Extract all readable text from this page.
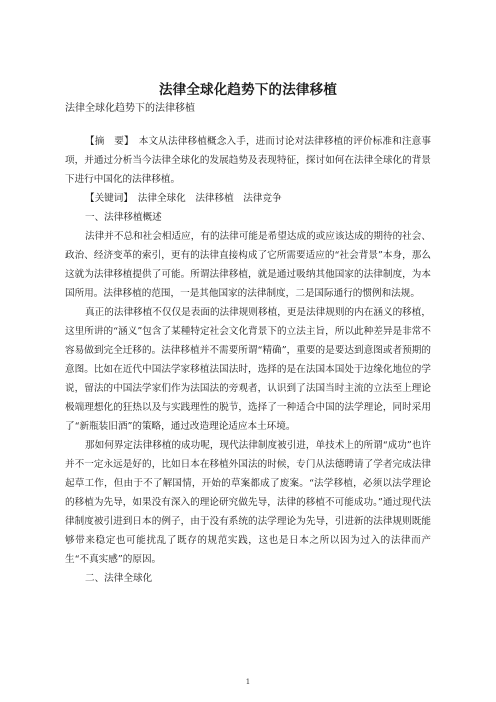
法律全球化趋势下的法律移植
法律全球化趋势下的法律移植

【摘　要】　 本文从法律移植概念入手，进而讨论对法律移植的评价标准和注意事项，并通过分析当今法律全球化的发展趋势及表现特征，探讨如何在法律全球化的背景下进行中国化的法律移植。

【关键词】　 法律全球化　法律移植　法律竞争

一、法律移植概述

法律并不总和社会相适应，有的法律可能是希望达成的或应该达成的期待的社会、政治、经济变革的索引，更有的法律直接构成了它所需要适应的“社会背景”本身，那么这就为法律移植提供了可能。所谓法律移植，就是通过吸纳其他国家的法律制度，为本国所用。法律移植的范围，一是其他国家的法律制度，二是国际通行的惯例和法规。

真正的法律移植不仅仅是表面的法律规则移植，更是法律规则的内在涵义的移植，这里所讲的“涵义”包含了某種特定社会文化背景下的立法主旨，所以此种差异是非常不容易做到完全迁移的。法律移植并不需要所谓“精确”，重要的是要达到意图或者预期的意图。比如在近代中国法学家移植法国法时，选择的是在法国本国处于边缘化地位的学说，留法的中国法学家们作为法国法的旁观者，认识到了法国当时主流的立法至上理论极端理想化的狂热以及与实践理性的脱节，选择了一种适合中国的法学理论，同时采用了“新瓶装旧酒”的策略，通过改造理论适应本土环境。

那如何界定法律移植的成功呢，现代法律制度被引进，单技术上的所谓“成功”也许并不一定永远是好的，比如日本在移植外国法的时候，专门从法德聘请了学者完成法律起草工作，但由于不了解国情，开始的草案都成了废案。“法学移植，必须以法学理论的移植为先导，如果没有深入的理论研究做先导，法律的移植不可能成功。”通过现代法律制度被引进到日本的例子，由于没有系统的法学理论为先导，引进新的法律规则既能够带来稳定也可能扰乱了既存的规范实践，这也是日本之所以因为过入的法律而产生“不真实感”的原因。

二、法律全球化

1
